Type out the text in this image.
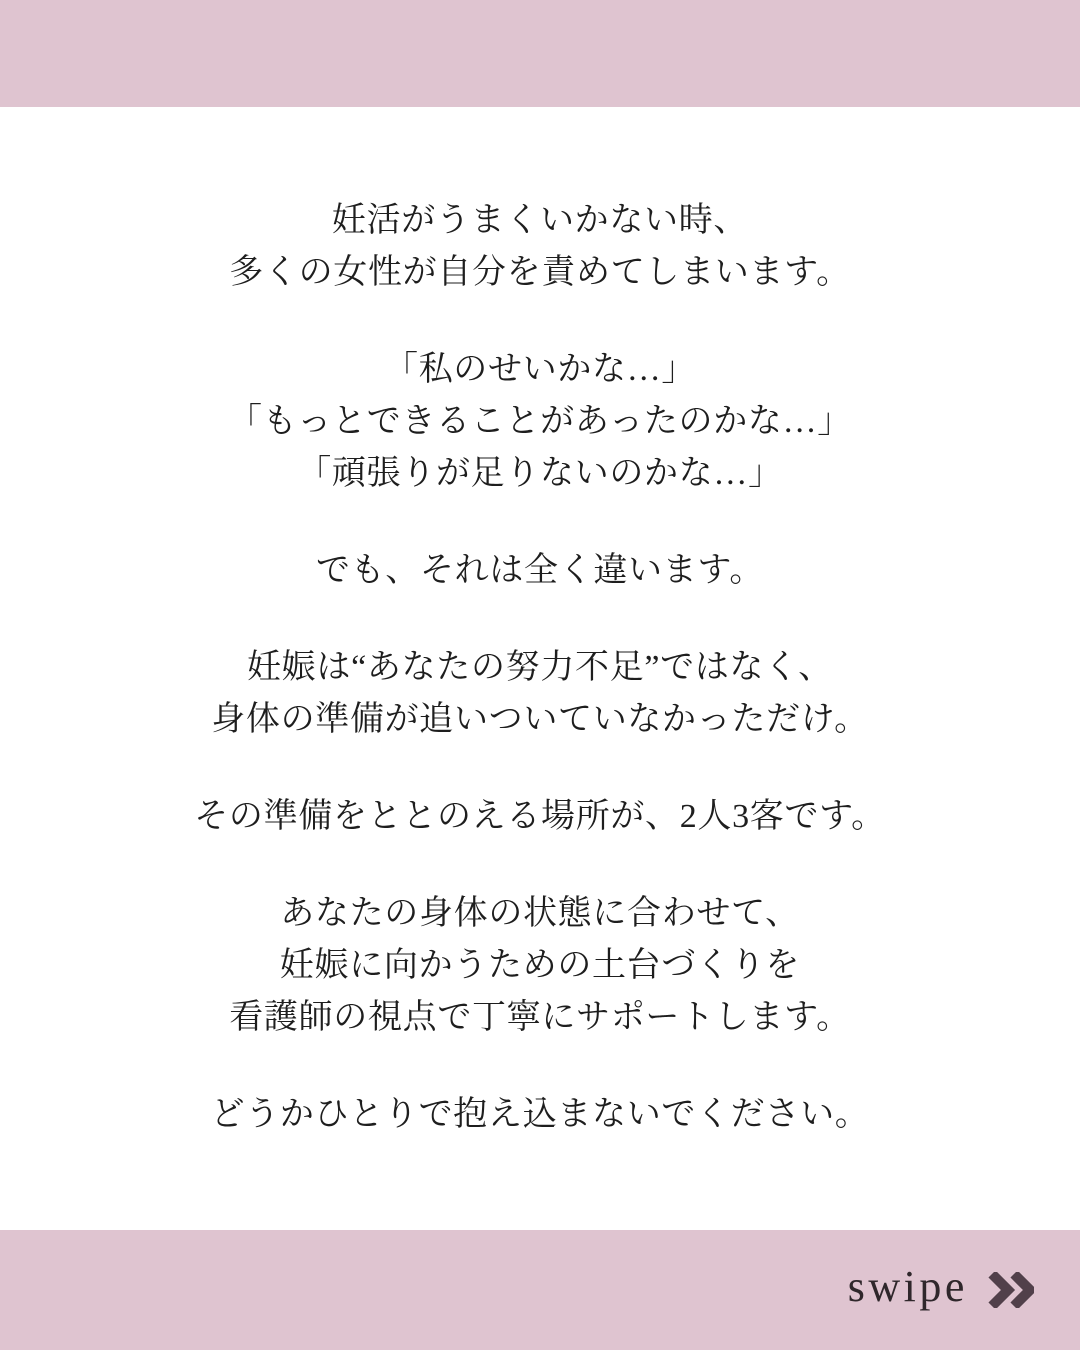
妊活がうまくいかない時、
多くの女性が自分を責めてしまいます。

「私のせいかな…」
「もっとできることがあったのかな…」
「頑張りが足りないのかな…」

でも、それは全く違います。

妊娠は“あなたの努力不足”ではなく、
身体の準備が追いついていなかっただけ。

その準備をととのえる場所が、2人3客です。

あなたの身体の状態に合わせて、
妊娠に向かうための土台づくりを
看護師の視点で丁寧にサポートします。

どうかひとりで抱え込まないでください。

swipe
